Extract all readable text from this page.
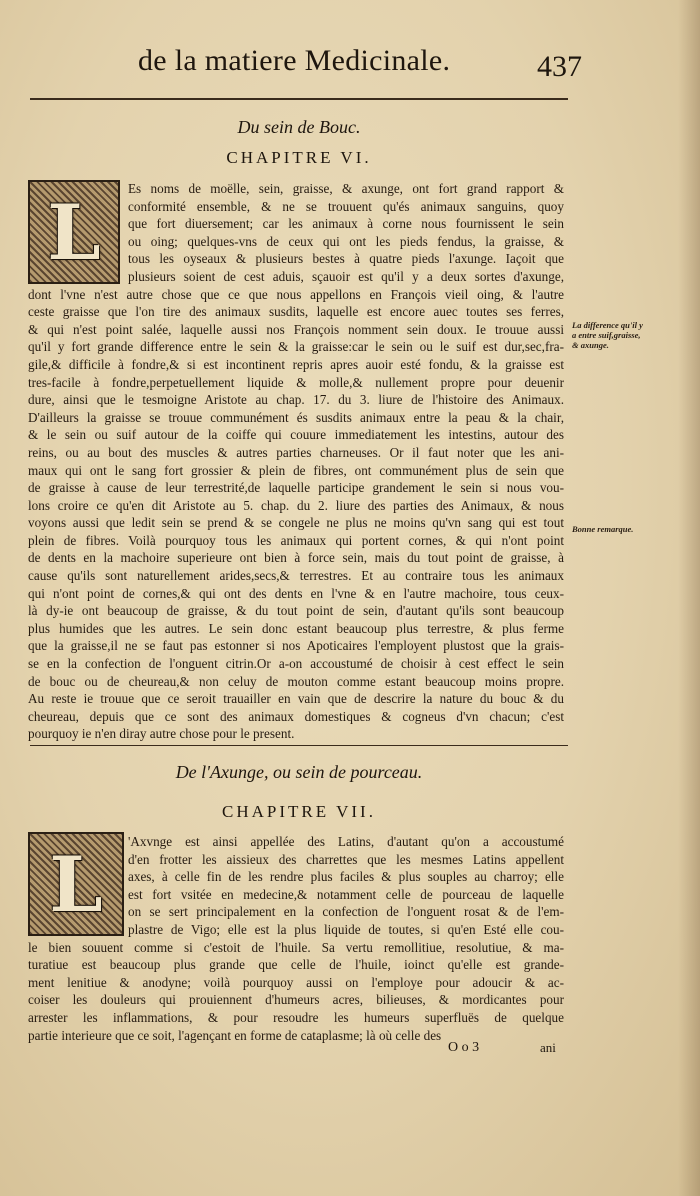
de la matiere Medicinale.	437
Du sein de Bouc.
CHAPITRE VI.
L Es noms de moëlle, sein, graisse, & axunge, ont fort grand rapport &
conformité ensemble, & ne se trouuent qu'és animaux sanguins, quoy
que fort diuersement; car les animaux à corne nous fournissent le sein
ou oing; quelques-vns de ceux qui ont les pieds fendus, la graisse, &
tous les oyseaux & plusieurs bestes à quatre pieds l'axunge. Iaçoit que
plusieurs soient de cest aduis, sçauoir est qu'il y a deux sortes d'axunge,
dont l'vne n'est autre chose que ce que nous appellons en François vieil oing, & l'autre
ceste graisse que l'on tire des animaux susdits, laquelle est encore auec toutes ses ferres,
& qui n'est point salée, laquelle aussi nos François nomment sein doux. Ie trouue aussi
qu'il y fort grande difference entre le sein & la graisse:car le sein ou le suif est dur,sec,fra-
gile,& difficile à fondre,& si est incontinent repris apres auoir esté fondu, & la graisse est
tres-facile à fondre,perpetuellement liquide & molle,& nullement propre pour deuenir
dure, ainsi que le tesmoigne Aristote au chap. 17. du 3. liure de l'histoire des Animaux.
D'ailleurs la graisse se trouue communément és susdits animaux entre la peau & la chair,
& le sein ou suif autour de la coiffe qui couure immediatement les intestins, autour des
reins, ou au bout des muscles & autres parties charneuses. Or il faut noter que les ani-
maux qui ont le sang fort grossier & plein de fibres, ont communément plus de sein que
de graisse à cause de leur terrestrité,de laquelle participe grandement le sein si nous vou-
lons croire ce qu'en dit Aristote au 5. chap. du 2. liure des parties des Animaux, & nous
voyons aussi que ledit sein se prend & se congele ne plus ne moins qu'vn sang qui est tout
plein de fibres. Voilà pourquoy tous les animaux qui portent cornes, & qui n'ont point
de dents en la machoire superieure ont bien à force sein, mais du tout point de graisse, à
cause qu'ils sont naturellement arides,secs,& terrestres. Et au contraire tous les animaux
qui n'ont point de cornes,& qui ont des dents en l'vne & en l'autre machoire, tous ceux-
là dy-ie ont beaucoup de graisse, & du tout point de sein, d'autant qu'ils sont beaucoup
plus humides que les autres. Le sein donc estant beaucoup plus terrestre, & plus ferme
que la graisse,il ne se faut pas estonner si nos Apoticaires l'employent plustost que la grais-
se en la confection de l'onguent citrin.Or a-on accoustumé de choisir à cest effect le sein
de bouc ou de cheureau,& non celuy de mouton comme estant beaucoup moins propre.
Au reste ie trouue que ce seroit trauailler en vain que de descrire la nature du bouc & du
cheureau, depuis que ce sont des animaux domestiques & cogneus d'vn chacun; c'est
pourquoy ie n'en diray autre chose pour le present.
La difference qu'il y a entre suif,graisse, & axunge.
Bonne remarque.
De l'Axunge, ou sein de pourceau.
CHAPITRE VII.
L 'Axvnge est ainsi appellée des Latins, d'autant qu'on a accoustumé
d'en frotter les aissieux des charrettes que les mesmes Latins appellent
axes, à celle fin de les rendre plus faciles & plus souples au charroy; elle
est fort vsitée en medecine,& notamment celle de pourceau de laquelle
on se sert principalement en la confection de l'onguent rosat & de l'em-
plastre de Vigo; elle est la plus liquide de toutes, si qu'en Esté elle cou-
le bien souuent comme si c'estoit de l'huile. Sa vertu remollitiue, resolutiue, & ma-
turatiue est beaucoup plus grande que celle de l'huile, ioinct qu'elle est grande-
ment lenitiue & anodyne; voilà pourquoy aussi on l'employe pour adoucir & ac-
coiser les douleurs qui prouiennent d'humeurs acres, bilieuses, & mordicantes pour
arrester les inflammations, & pour resoudre les humeurs superfluës de quelque
partie interieure que ce soit, l'agençant en forme de cataplasme; là où celle des
O o 3	ani
